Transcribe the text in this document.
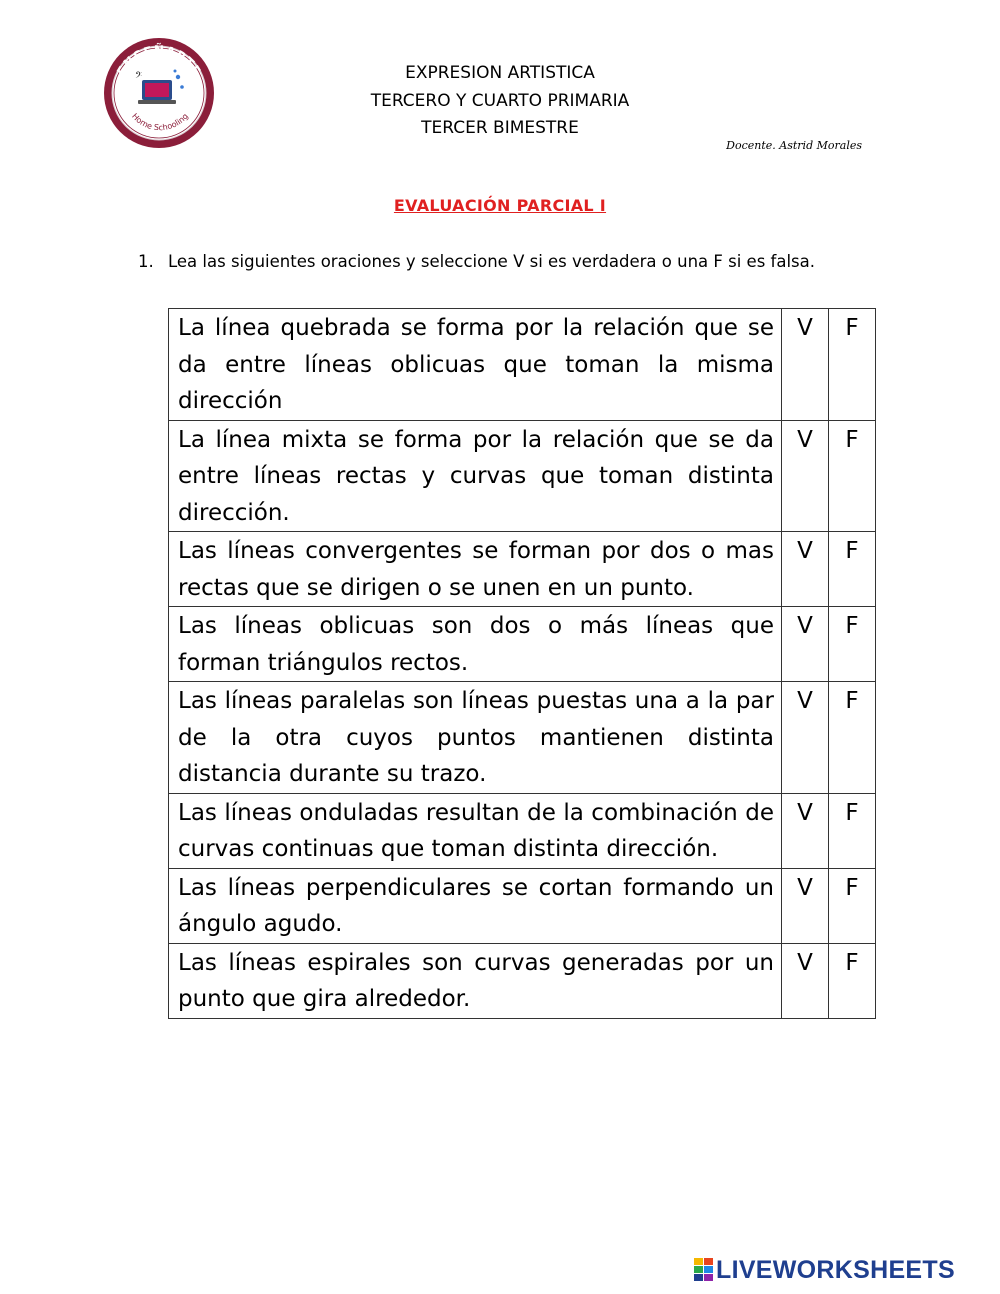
ENSEÑARTE
Home Schooling
𝄢	EXPRESION ARTISTICA
TERCERO Y CUARTO PRIMARIA
TERCER BIMESTRE
Docente. Astrid Morales
EVALUACIÓN PARCIAL I
1. Lea las siguientes oraciones y seleccione V si es verdadera o una F si es falsa.
La línea quebrada se forma por la relación que se da entre líneas oblicuas que toman la misma dirección	V	F
La línea mixta se forma por la relación que se da entre líneas rectas y curvas que toman distinta dirección.	V	F
Las líneas convergentes se forman por dos o mas rectas que se dirigen o se unen en un punto.	V	F
Las líneas oblicuas son dos o más líneas que forman triángulos rectos.	V	F
Las líneas paralelas son líneas puestas una a la par de la otra cuyos puntos mantienen distinta distancia durante su trazo.	V	F
Las líneas onduladas resultan de la combinación de curvas continuas que toman distinta dirección.	V	F
Las líneas perpendiculares se cortan formando un ángulo agudo.	V	F
Las líneas espirales son curvas generadas por un punto que gira alrededor.	V	F
LIVEWORKSHEETS
